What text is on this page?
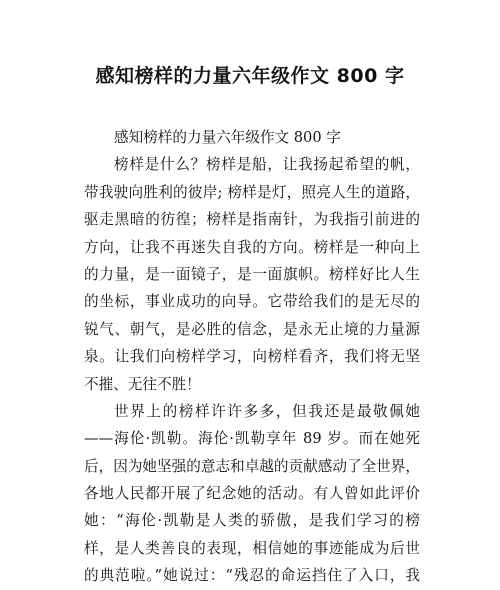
感知榜样的力量六年级作文 800 字
感知榜样的力量六年级作文 800 字
榜样是什么？榜样是船，让我扬起希望的帆，
带我驶向胜利的彼岸; 榜样是灯，照亮人生的道路，
驱走黑暗的彷徨；榜样是指南针，为我指引前进的
方向，让我不再迷失自我的方向。榜样是一种向上
的力量，是一面镜子，是一面旗帜。榜样好比人生
的坐标，事业成功的向导。它带给我们的是无尽的
锐气、朝气，是必胜的信念，是永无止境的力量源
泉。让我们向榜样学习，向榜样看齐，我们将无坚
不摧、无往不胜！
世界上的榜样许许多多，但我还是最敬佩她
——海伦·凯勒。海伦·凯勒享年 89 岁。而在她死
后，因为她坚强的意志和卓越的贡献感动了全世界，
各地人民都开展了纪念她的活动。有人曾如此评价
她：“海伦·凯勒是人类的骄傲，是我们学习的榜
样，是人类善良的表现，相信她的事迹能成为后世
的典范啦。”她说过：“残忍的命运挡住了入口，我
